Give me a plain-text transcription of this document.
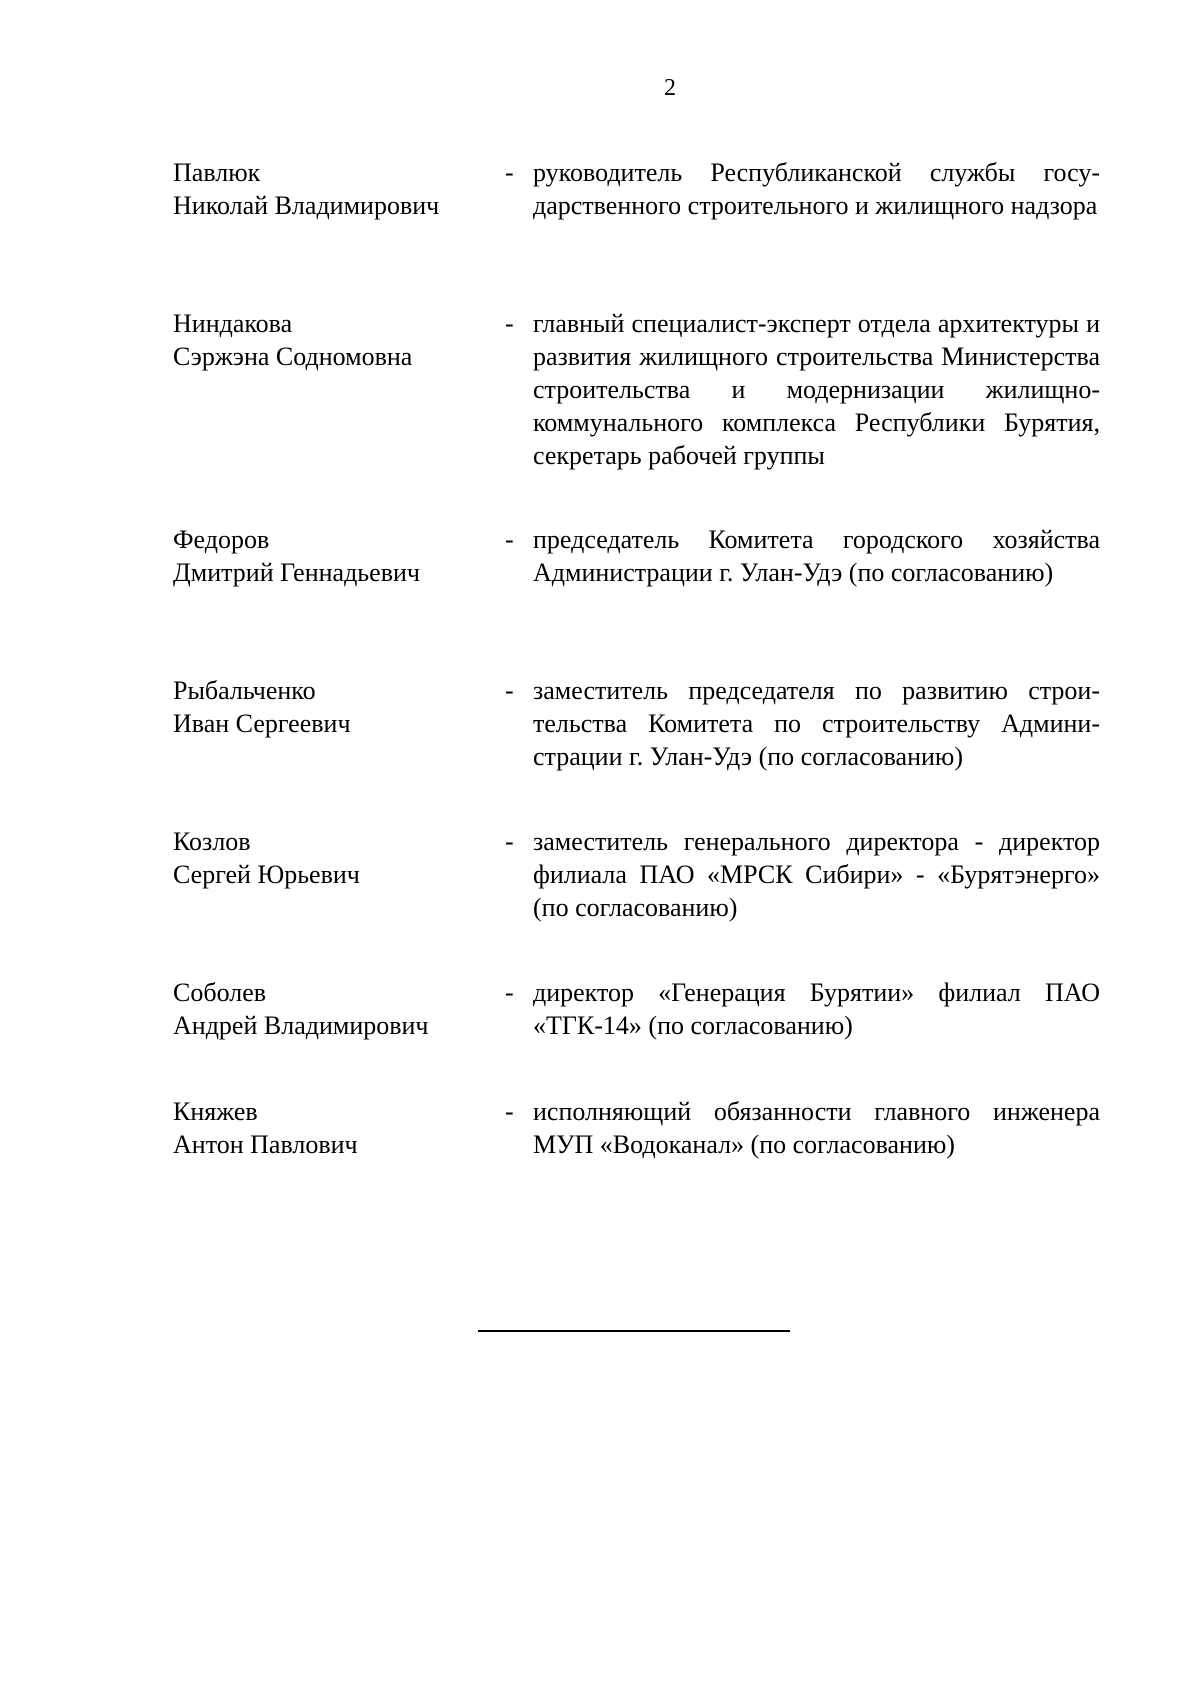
2
Павлюк
Николай Владимирович
- руководитель Республиканской службы государственного строительного и жилищного надзора
Ниндакова
Сэржэна Содномовна
- главный специалист-эксперт отдела архитектуры и развития жилищного строительства Министерства строительства и модернизации жилищно-коммунального комплекса Республики Бурятия, секретарь рабочей группы
Федоров
Дмитрий Геннадьевич
- председатель Комитета городского хозяйства Администрации г. Улан-Удэ (по согласованию)
Рыбальченко
Иван Сергеевич
- заместитель председателя по развитию строительства Комитета по строительству Администрации г. Улан-Удэ (по согласованию)
Козлов
Сергей Юрьевич
- заместитель генерального директора - директор филиала ПАО «МРСК Сибири» - «Бурятэнерго» (по согласованию)
Соболев
Андрей Владимирович
- директор «Генерация Бурятии» филиал ПАО «ТГК-14» (по согласованию)
Княжев
Антон Павлович
- исполняющий обязанности главного инженера МУП «Водоканал» (по согласованию)
